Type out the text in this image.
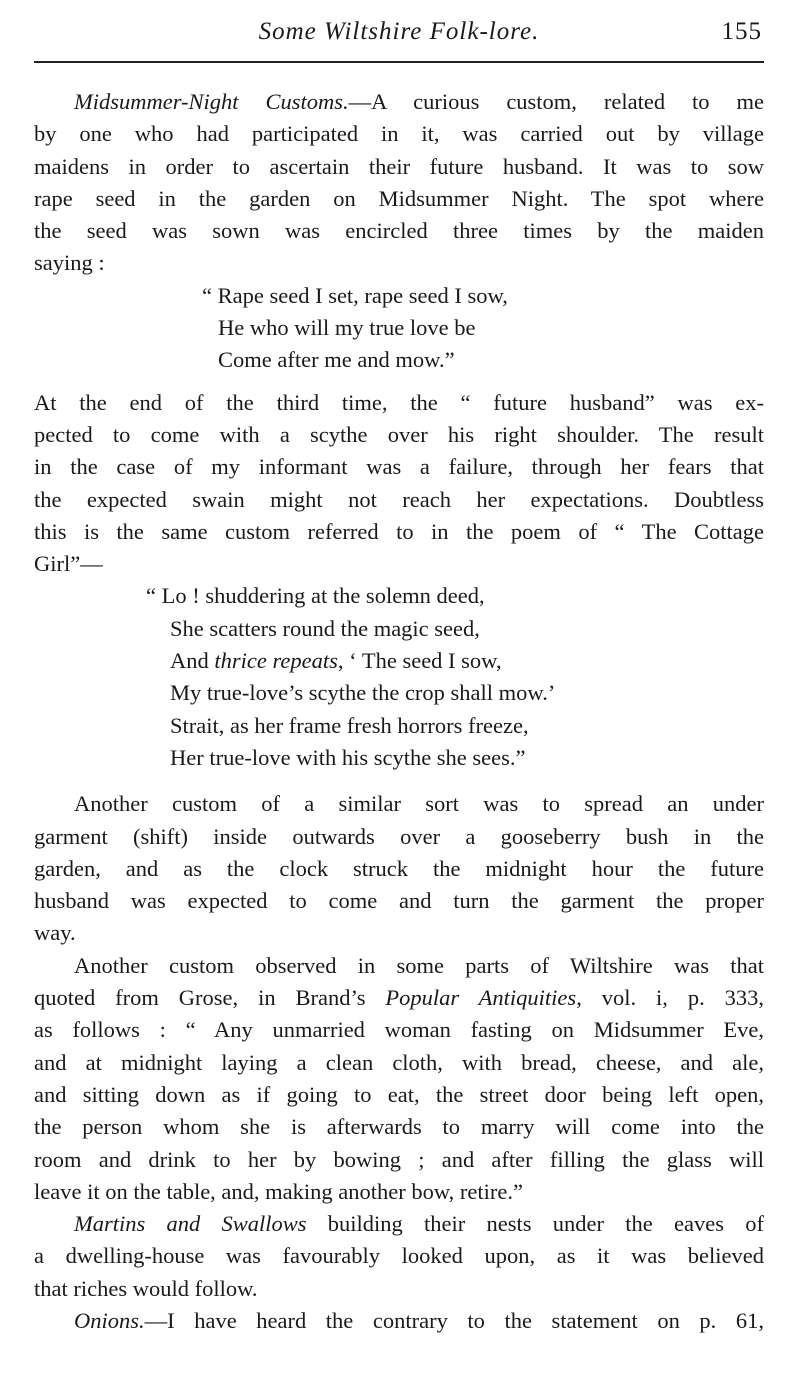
Some Wiltshire Folk-lore.	155

Midsummer-Night Customs.—A curious custom, related to me
by one who had participated in it, was carried out by village
maidens in order to ascertain their future husband. It was to sow
rape seed in the garden on Midsummer Night. The spot where
the seed was sown was encircled three times by the maiden
saying :

“ Rape seed I set, rape seed I sow,
He who will my true love be
Come after me and mow.”

At the end of the third time, the “ future husband” was ex-
pected to come with a scythe over his right shoulder. The result
in the case of my informant was a failure, through her fears that
the expected swain might not reach her expectations. Doubtless
this is the same custom referred to in the poem of “ The Cottage
Girl”—

“ Lo ! shuddering at the solemn deed,
She scatters round the magic seed,
And thrice repeats, ‘ The seed I sow,
My true-love’s scythe the crop shall mow.’
Strait, as her frame fresh horrors freeze,
Her true-love with his scythe she sees.”

Another custom of a similar sort was to spread an under
garment (shift) inside outwards over a gooseberry bush in the
garden, and as the clock struck the midnight hour the future
husband was expected to come and turn the garment the proper
way.

Another custom observed in some parts of Wiltshire was that
quoted from Grose, in Brand’s Popular Antiquities, vol. i, p. 333,
as follows : “ Any unmarried woman fasting on Midsummer Eve,
and at midnight laying a clean cloth, with bread, cheese, and ale,
and sitting down as if going to eat, the street door being left open,
the person whom she is afterwards to marry will come into the
room and drink to her by bowing ; and after filling the glass will
leave it on the table, and, making another bow, retire.”

Martins and Swallows building their nests under the eaves of
a dwelling-house was favourably looked upon, as it was believed
that riches would follow.

Onions.—I have heard the contrary to the statement on p. 61,
